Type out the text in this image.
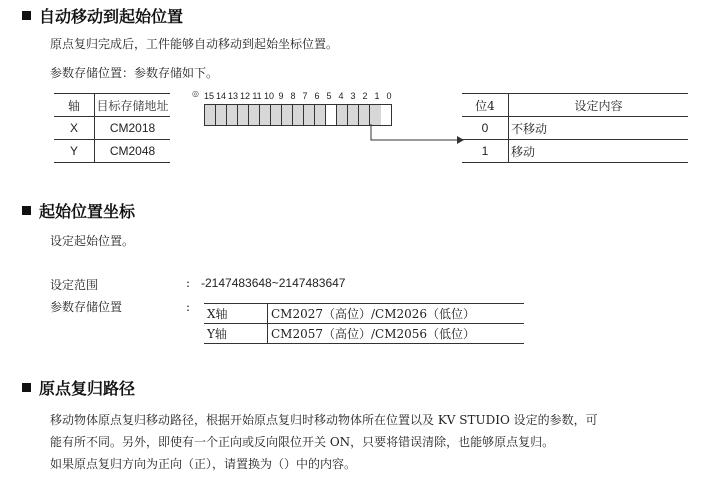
自动移动到起始位置
原点复归完成后，工件能够自动移动到起始坐标位置。
参数存储位置：参数存储如下。
轴	目标存储地址
X	CM2018
Y	CM2048
◎ 15 14 13 12 11 10 9 8 7 6 5 4 3 2 1 0
位4	设定内容
0	不移动
1	移动
起始位置坐标
设定起始位置。
设定范围	: -2147483648~2147483647
参数存储位置	: X轴	CM2027（高位）/CM2026（低位）
Y轴	CM2057（高位）/CM2056（低位）
原点复归路径
移动物体原点复归移动路径，根据开始原点复归时移动物体所在位置以及 KV STUDIO 设定的参数，可
能有所不同。另外，即使有一个正向或反向限位开关 ON，只要将错误清除，也能够原点复归。
如果原点复归方向为正向（正），请置换为（）中的内容。
